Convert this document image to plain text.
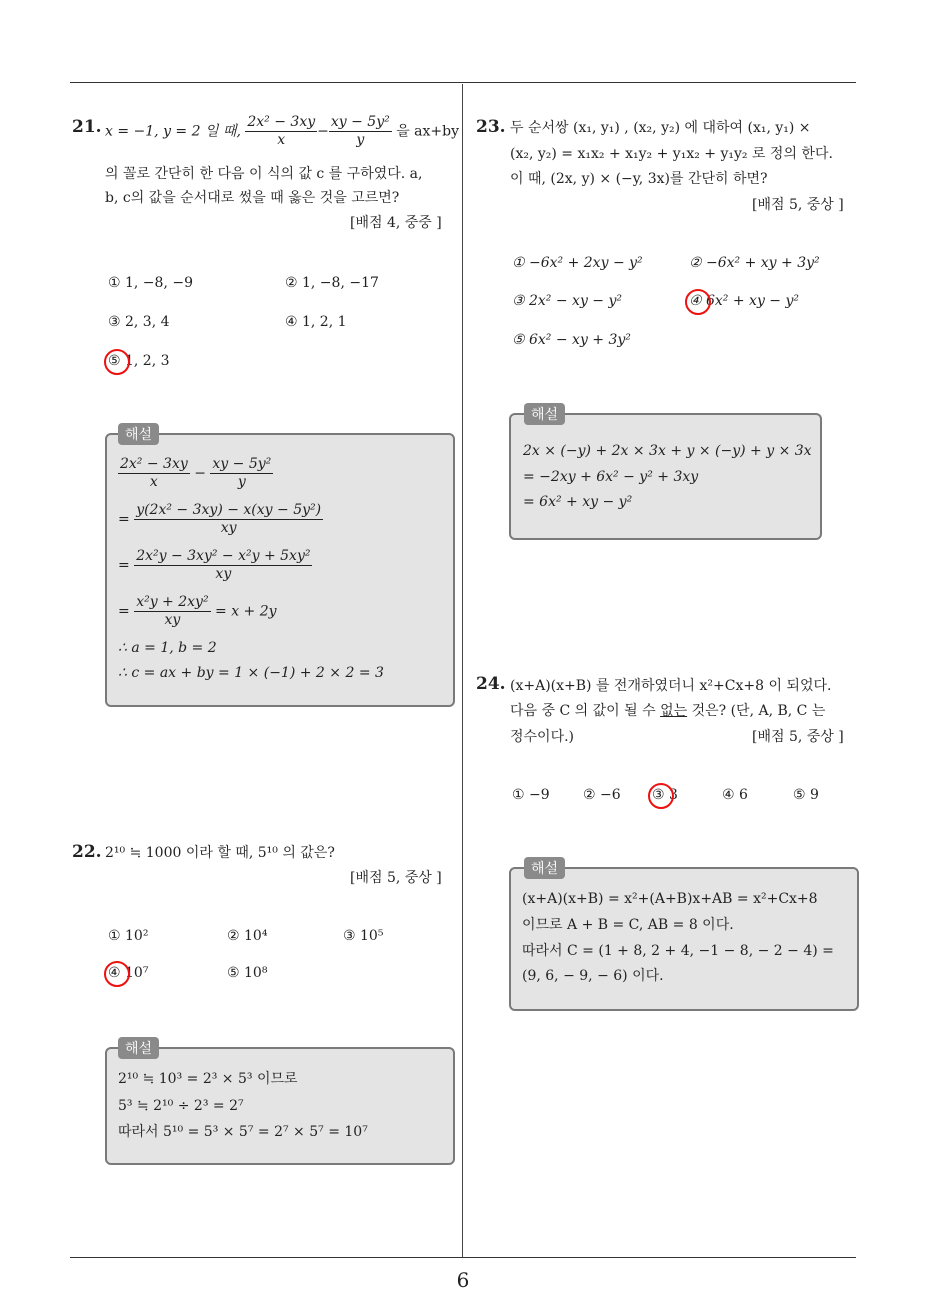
6
21. x = −1, y = 2 일 때, $\frac{\text{2x² − 3xy}}{x} - \frac{\text{xy − 5y²}}{y}$ 을 ax+by
의 꼴로 간단히 한 다음 이 식의 값 c 를 구하였다. a,
b, c의 값을 순서대로 썼을 때 옳은 것을 고르면?
[배점 4, 중중 ]
① 1, −8, −9	② 1, −8, −17
③ 2, 3, 4	④ 1, 2, 1
⑤ 1, 2, 3
해설
$\frac{\text{2x² − 3xy}}{x} - \frac{\text{xy − 5y²}}{y}$
= $\frac{\text{y(2x² − 3xy) − x(xy − 5y²)}}{xy}$
= $\frac{\text{2x²y − 3xy² − x²y + 5xy²}}{xy}$
= $\frac{\text{x²y + 2xy²}}{xy} = x + 2y$
∴ a = 1, b = 2
∴ c = ax + by = 1 × (−1) + 2 × 2 = 3
22. 2¹⁰ ≒ 1000 이라 할 때, 5¹⁰ 의 값은?
[배점 5, 중상 ]
① 10²	② 10⁴	③ 10⁵
④ 10⁷	⑤ 10⁸
해설
2¹⁰ ≒ 10³ = 2³ × 5³ 이므로
5³ ≒ 2¹⁰ ÷ 2³ = 2⁷
따라서 5¹⁰ = 5³ × 5⁷ = 2⁷ × 5⁷ = 10⁷
23. 두 순서쌍 (x₁, y₁) , (x₂, y₂) 에 대하여 (x₁, y₁) ×
(x₂, y₂) = x₁x₂ + x₁y₂ + y₁x₂ + y₁y₂ 로 정의 한다.
이 때, (2x, y) × (−y, 3x)를 간단히 하면?
[배점 5, 중상 ]
① −6x² + 2xy − y²	② −6x² + xy + 3y²
③ 2x² − xy − y²	④ 6x² + xy − y²
⑤ 6x² − xy + 3y²
해설
2x × (−y) + 2x × 3x + y × (−y) + y × 3x
= −2xy + 6x² − y² + 3xy
= 6x² + xy − y²
24. (x+A)(x+B) 를 전개하였더니 x²+Cx+8 이 되었다.
다음 중 C 의 값이 될 수 없는 것은? (단, A, B, C 는
정수이다.)	[배점 5, 중상 ]
① −9 ② −6 ③ 3	④ 6	⑤ 9
해설
(x+A)(x+B) = x²+(A+B)x+AB = x²+Cx+8
이므로 A + B = C, AB = 8 이다.
따라서 C = (1 + 8, 2 + 4, −1 − 8, − 2 − 4) =
(9, 6, − 9, − 6) 이다.
